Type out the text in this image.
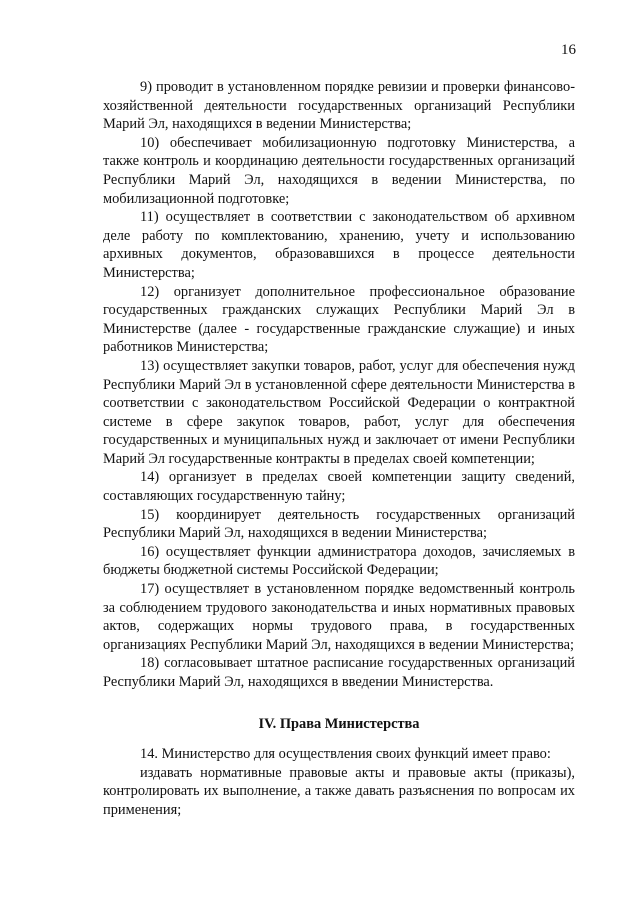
16

9) проводит в установленном порядке ревизии и проверки финансово-хозяйственной деятельности государственных организаций Республики Марий Эл, находящихся в ведении Министерства;

10) обеспечивает мобилизационную подготовку Министерства, а также контроль и координацию деятельности государственных организаций Республики Марий Эл, находящихся в ведении Министерства, по мобилизационной подготовке;

11) осуществляет в соответствии с законодательством об архивном деле работу по комплектованию, хранению, учету и использованию архивных документов, образовавшихся в процессе деятельности Министерства;

12) организует дополнительное профессиональное образование государственных гражданских служащих Республики Марий Эл в Министерстве (далее - государственные гражданские служащие) и иных работников Министерства;

13) осуществляет закупки товаров, работ, услуг для обеспечения нужд Республики Марий Эл в установленной сфере деятельности Министерства в соответствии с законодательством Российской Федерации о контрактной системе в сфере закупок товаров, работ, услуг для обеспечения государственных и муниципальных нужд и заключает от имени Республики Марий Эл государственные контракты в пределах своей компетенции;

14) организует в пределах своей компетенции защиту сведений, составляющих государственную тайну;

15) координирует деятельность государственных организаций Республики Марий Эл, находящихся в ведении Министерства;

16) осуществляет функции администратора доходов, зачисляемых в бюджеты бюджетной системы Российской Федерации;

17) осуществляет в установленном порядке ведомственный контроль за соблюдением трудового законодательства и иных нормативных правовых актов, содержащих нормы трудового права, в государственных организациях Республики Марий Эл, находящихся в ведении Министерства;

18) согласовывает штатное расписание государственных организаций Республики Марий Эл, находящихся в введении Министерства.

IV. Права Министерства

14. Министерство для осуществления своих функций имеет право:

издавать нормативные правовые акты и правовые акты (приказы), контролировать их выполнение, а также давать разъяснения по вопросам их применения;
